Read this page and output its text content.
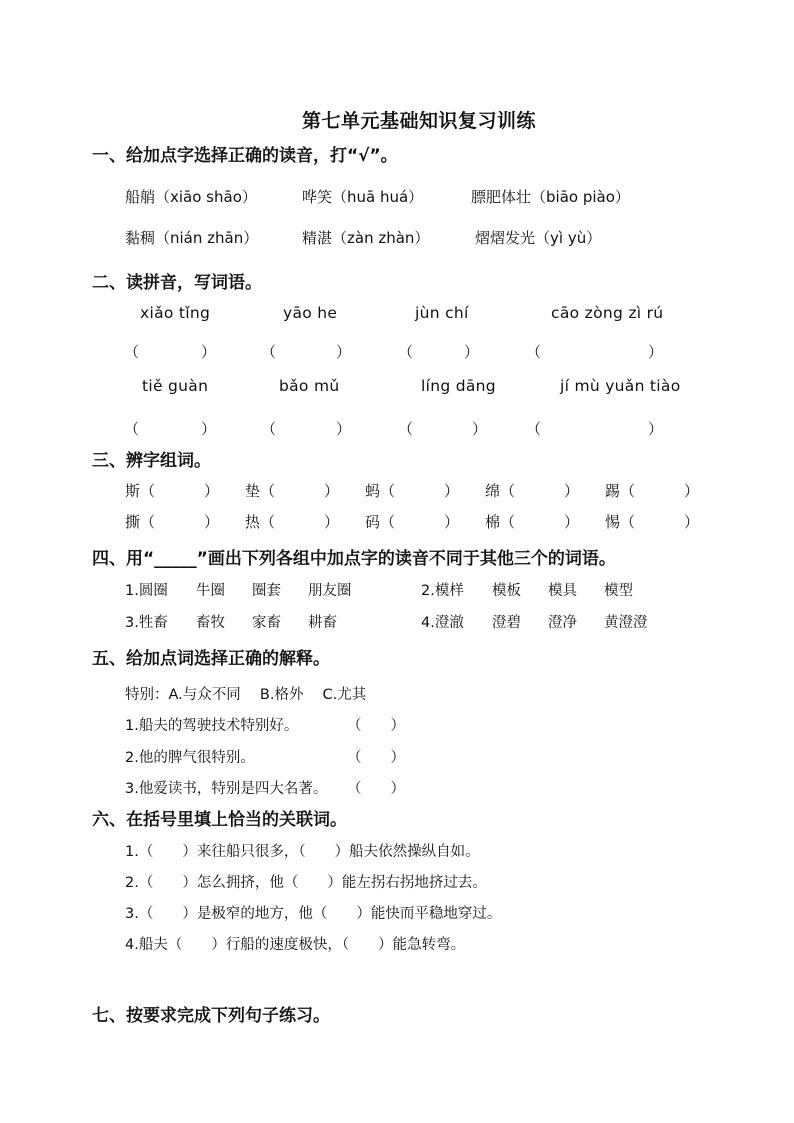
第七单元基础知识复习训练
一、给加点字选择正确的读音，打“√”。
船艄（xiāo shāo）	哗笑（huā huá）	膘肥体壮（biāo piào）
黏稠（nián zhān）	精湛（zàn zhàn）	熠熠发光（yì yù）
二、读拼音，写词语。
xiǎo tǐng	yāo he	jùn chí	cāo zòng zì rú
（	）	（	）	（	）	（	）
tiě guàn	bǎo mǔ	líng dāng	jí mù yuǎn tiào
（	）	（	）	（	）	（	）
三、辨字组词。
斯（	） 垫（	） 蚂（	） 绵（	） 踢（	）
撕（	） 热（	） 码（	） 棉（	） 惕（	）
四、用“_____”画出下列各组中加点字的读音不同于其他三个的词语。
1.圆圈 牛圈 圈套 朋友圈	2.模样 模板 模具 模型
3.牲畜 畜牧 家畜 耕畜	4.澄澈 澄碧 澄净 黄澄澄
五、给加点词选择正确的解释。
特别：A.与众不同　 B.格外　 C.尤其
1.船夫的驾驶技术特别好。	（　　）
2.他的脾气很特别。	（　　）
3.他爱读书，特别是四大名著。 （　　）
六、在括号里填上恰当的关联词。
1.（　　）来往船只很多，（　　）船夫依然操纵自如。
2.（　　）怎么拥挤，他（　　）能左拐右拐地挤过去。
3.（　　）是极窄的地方，他（　　）能快而平稳地穿过。
4.船夫（　　）行船的速度极快，（　　）能急转弯。
七、按要求完成下列句子练习。
